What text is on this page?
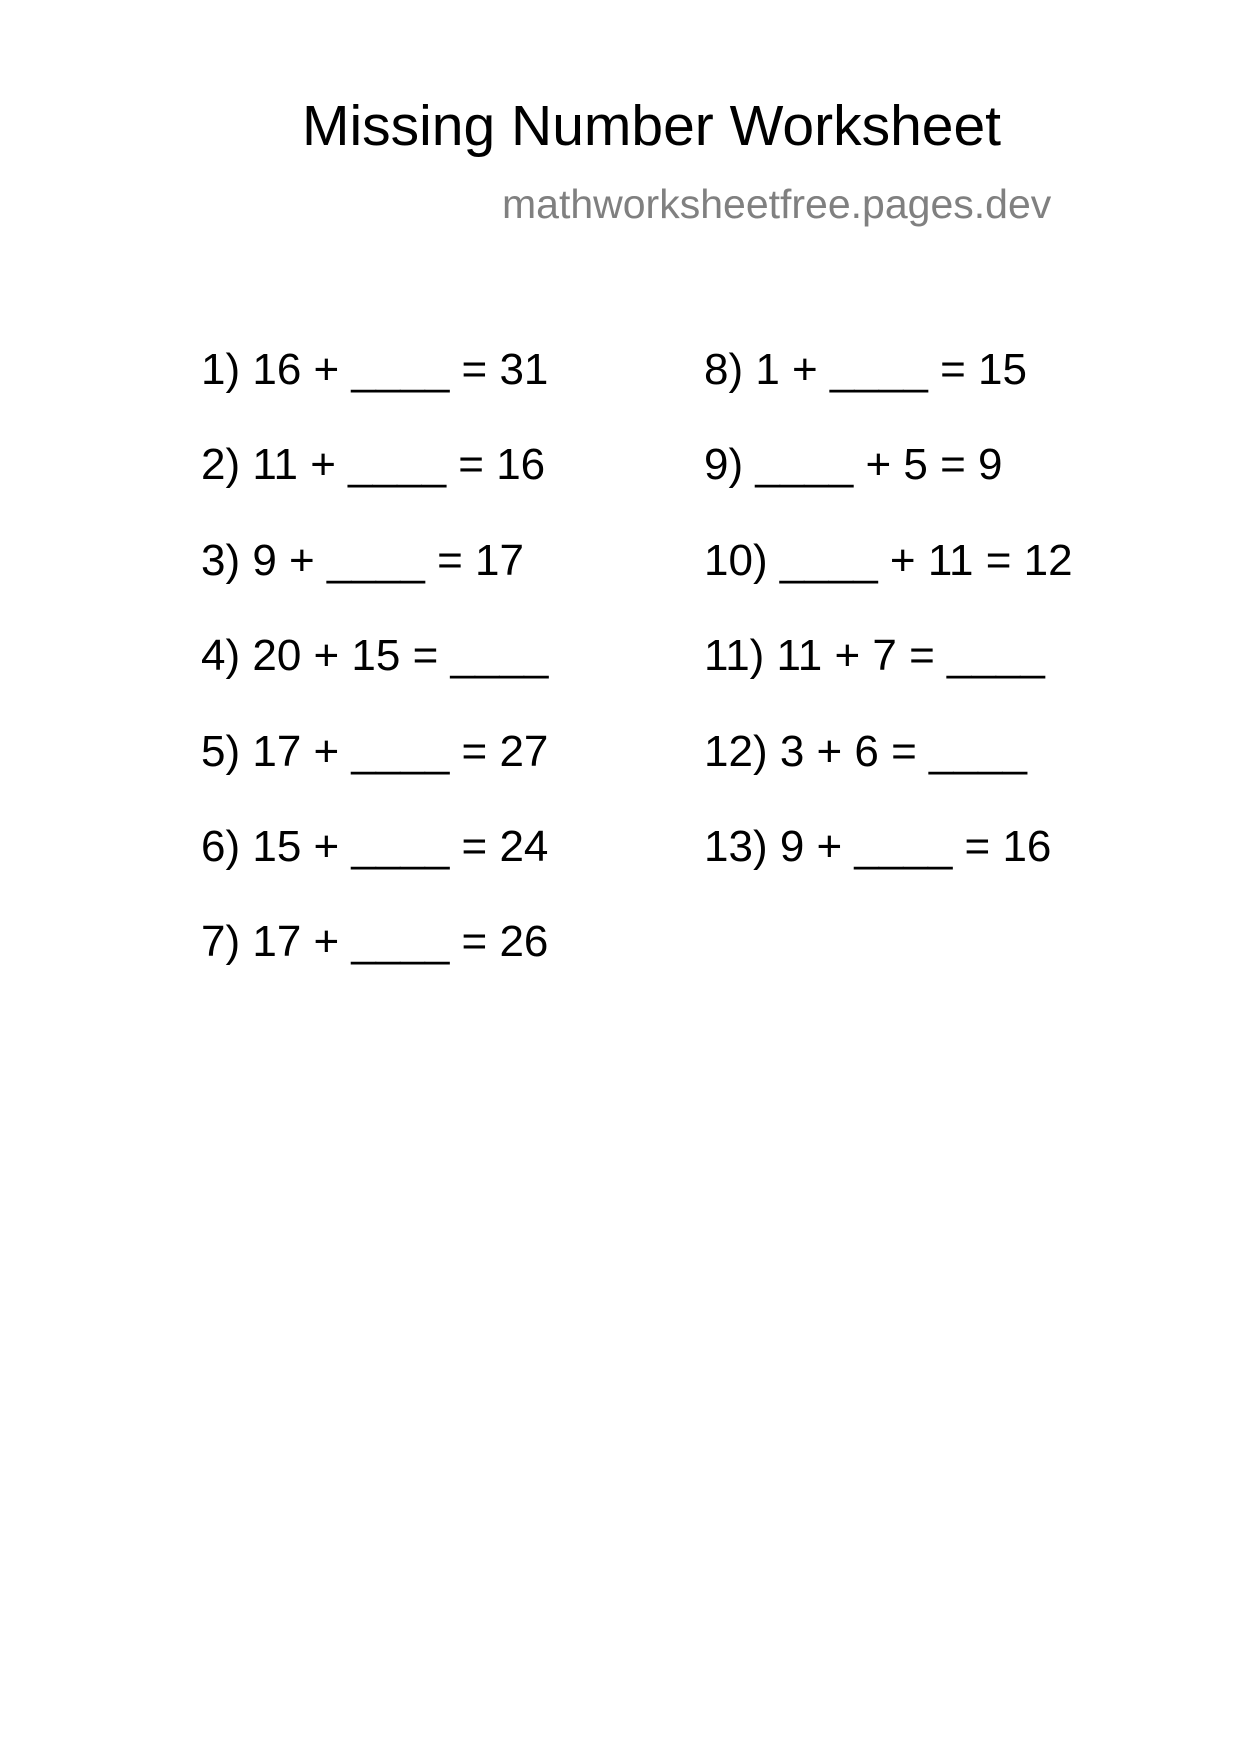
Missing Number Worksheet
mathworksheetfree.pages.dev
1) 16 + ____ = 31
2) 11 + ____ = 16
3) 9 + ____ = 17
4) 20 + 15 = ____
5) 17 + ____ = 27
6) 15 + ____ = 24
7) 17 + ____ = 26
8) 1 + ____ = 15
9) ____ + 5 = 9
10) ____ + 11 = 12
11) 11 + 7 = ____
12) 3 + 6 = ____
13) 9 + ____ = 16
